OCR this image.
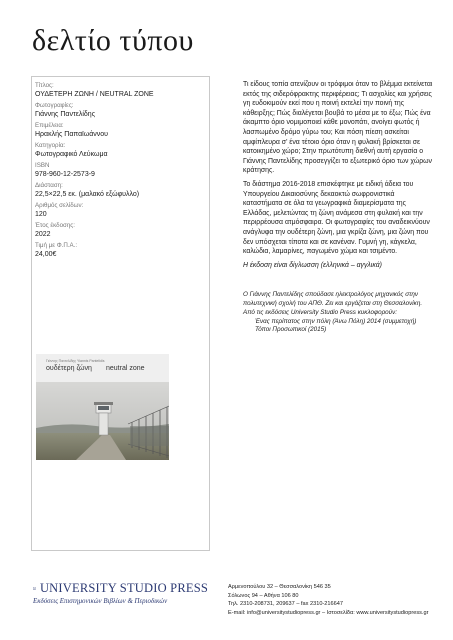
δελτίο τύπου
Τίτλος:
ΟΥΔΕΤΕΡΗ ΖΩΝΗ / NEUTRAL ZONE
Φωτογραφίες:
Γιάννης Παντελίδης
Επιμέλεια:
Ηρακλής Παπαϊωάννου
Κατηγορία:
Φωτογραφικό Λεύκωμα
ISBN
978-960-12-2573-9
Διάσταση:
22,5×22,5 εκ. (μαλακό εξώφυλλο)
Αριθμός σελίδων:
120
Έτος έκδοσης:
2022
Τιμή με Φ.Π.Α.:
24,00€
Γιάννης Παντελίδης Yiannis Pantelidis
ουδέτερη ζώνη neutral zone

Τι είδους τοπία ατενίζουν οι τρόφιμοι όταν το βλέμμα εκτείνεται εκτός της σιδερόφρακτης περιφέρειας; Τι ασχολίες και χρήσεις γη ευδοκιμούν εκεί που η ποινή εκτελεί την ποινή της κάθειρξης; Πώς διαλέγεται βουβά το μέσα με το έξω; Πώς ένα άκαμπτο όριο νομιμοποιεί κάθε μονοπάτι, ανοίγει φωτός ή λασπωμένο δρόμο γύρω του; Και πόση πίεση ασκείται αμφίπλευρα σ' ένα τέτοιο όριο όταν η φυλακή βρίσκεται σε κατοικημένο χώρο; Στην πρωτότυπη διεθνή αυτή εργασία ο Γιάννης Παντελίδης προσεγγίζει το εξωτερικό όριο των χώρων κράτησης.

Το διάστημα 2016-2018 επισκέφτηκε με ειδική άδεια του Υπουργείου Δικαιοσύνης δεκαοκτώ σωφρονιστικά καταστήματα σε όλα τα γεωγραφικά διαμερίσματα της Ελλάδας, μελετώντας τη ζώνη ανάμεσα στη φυλακή και την περιρρέουσα ατμόσφαιρα. Οι φωτογραφίες του αναδεικνύουν ανάγλυφα την ουδέτερη ζώνη, μια γκρίζα ζώνη, μια ζώνη που δεν υπόσχεται τίποτα και σε κανέναν. Γυμνή γη, κάγκελα, καλώδια, λαμαρίνες, παγωμένο χώμα και τσιμέντο.

Η έκδοση είναι δίγλωσση (ελληνικά – αγγλικά)

Ο Γιάννης Παντελίδης σπούδασε ηλεκτρολόγος μηχανικός στην
πολυτεχνική σχολή του ΑΠΘ. Ζει και εργάζεται στη Θεσσαλονίκη.
Από τις εκδόσεις University Studio Press κυκλοφορούν:
Ένας περίπατος στην πόλη (Άνω Πόλη) 2014 (συμμετοχή)
Τόποι Προσωπικοί (2015)
UNIVERSITY STUDIO PRESS
Εκδόσεις Επιστημονικών Βιβλίων & Περιοδικών
Αρμενοπούλου 32 – Θεσσαλονίκη 546 35
Σόλωνος 94 – Αθήνα 106 80
Τηλ. 2310-208731, 209637 – fax 2310-216647
E-mail: info@universitystudiopress.gr – Ιστοσελίδα: www.universitystudiopress.gr
